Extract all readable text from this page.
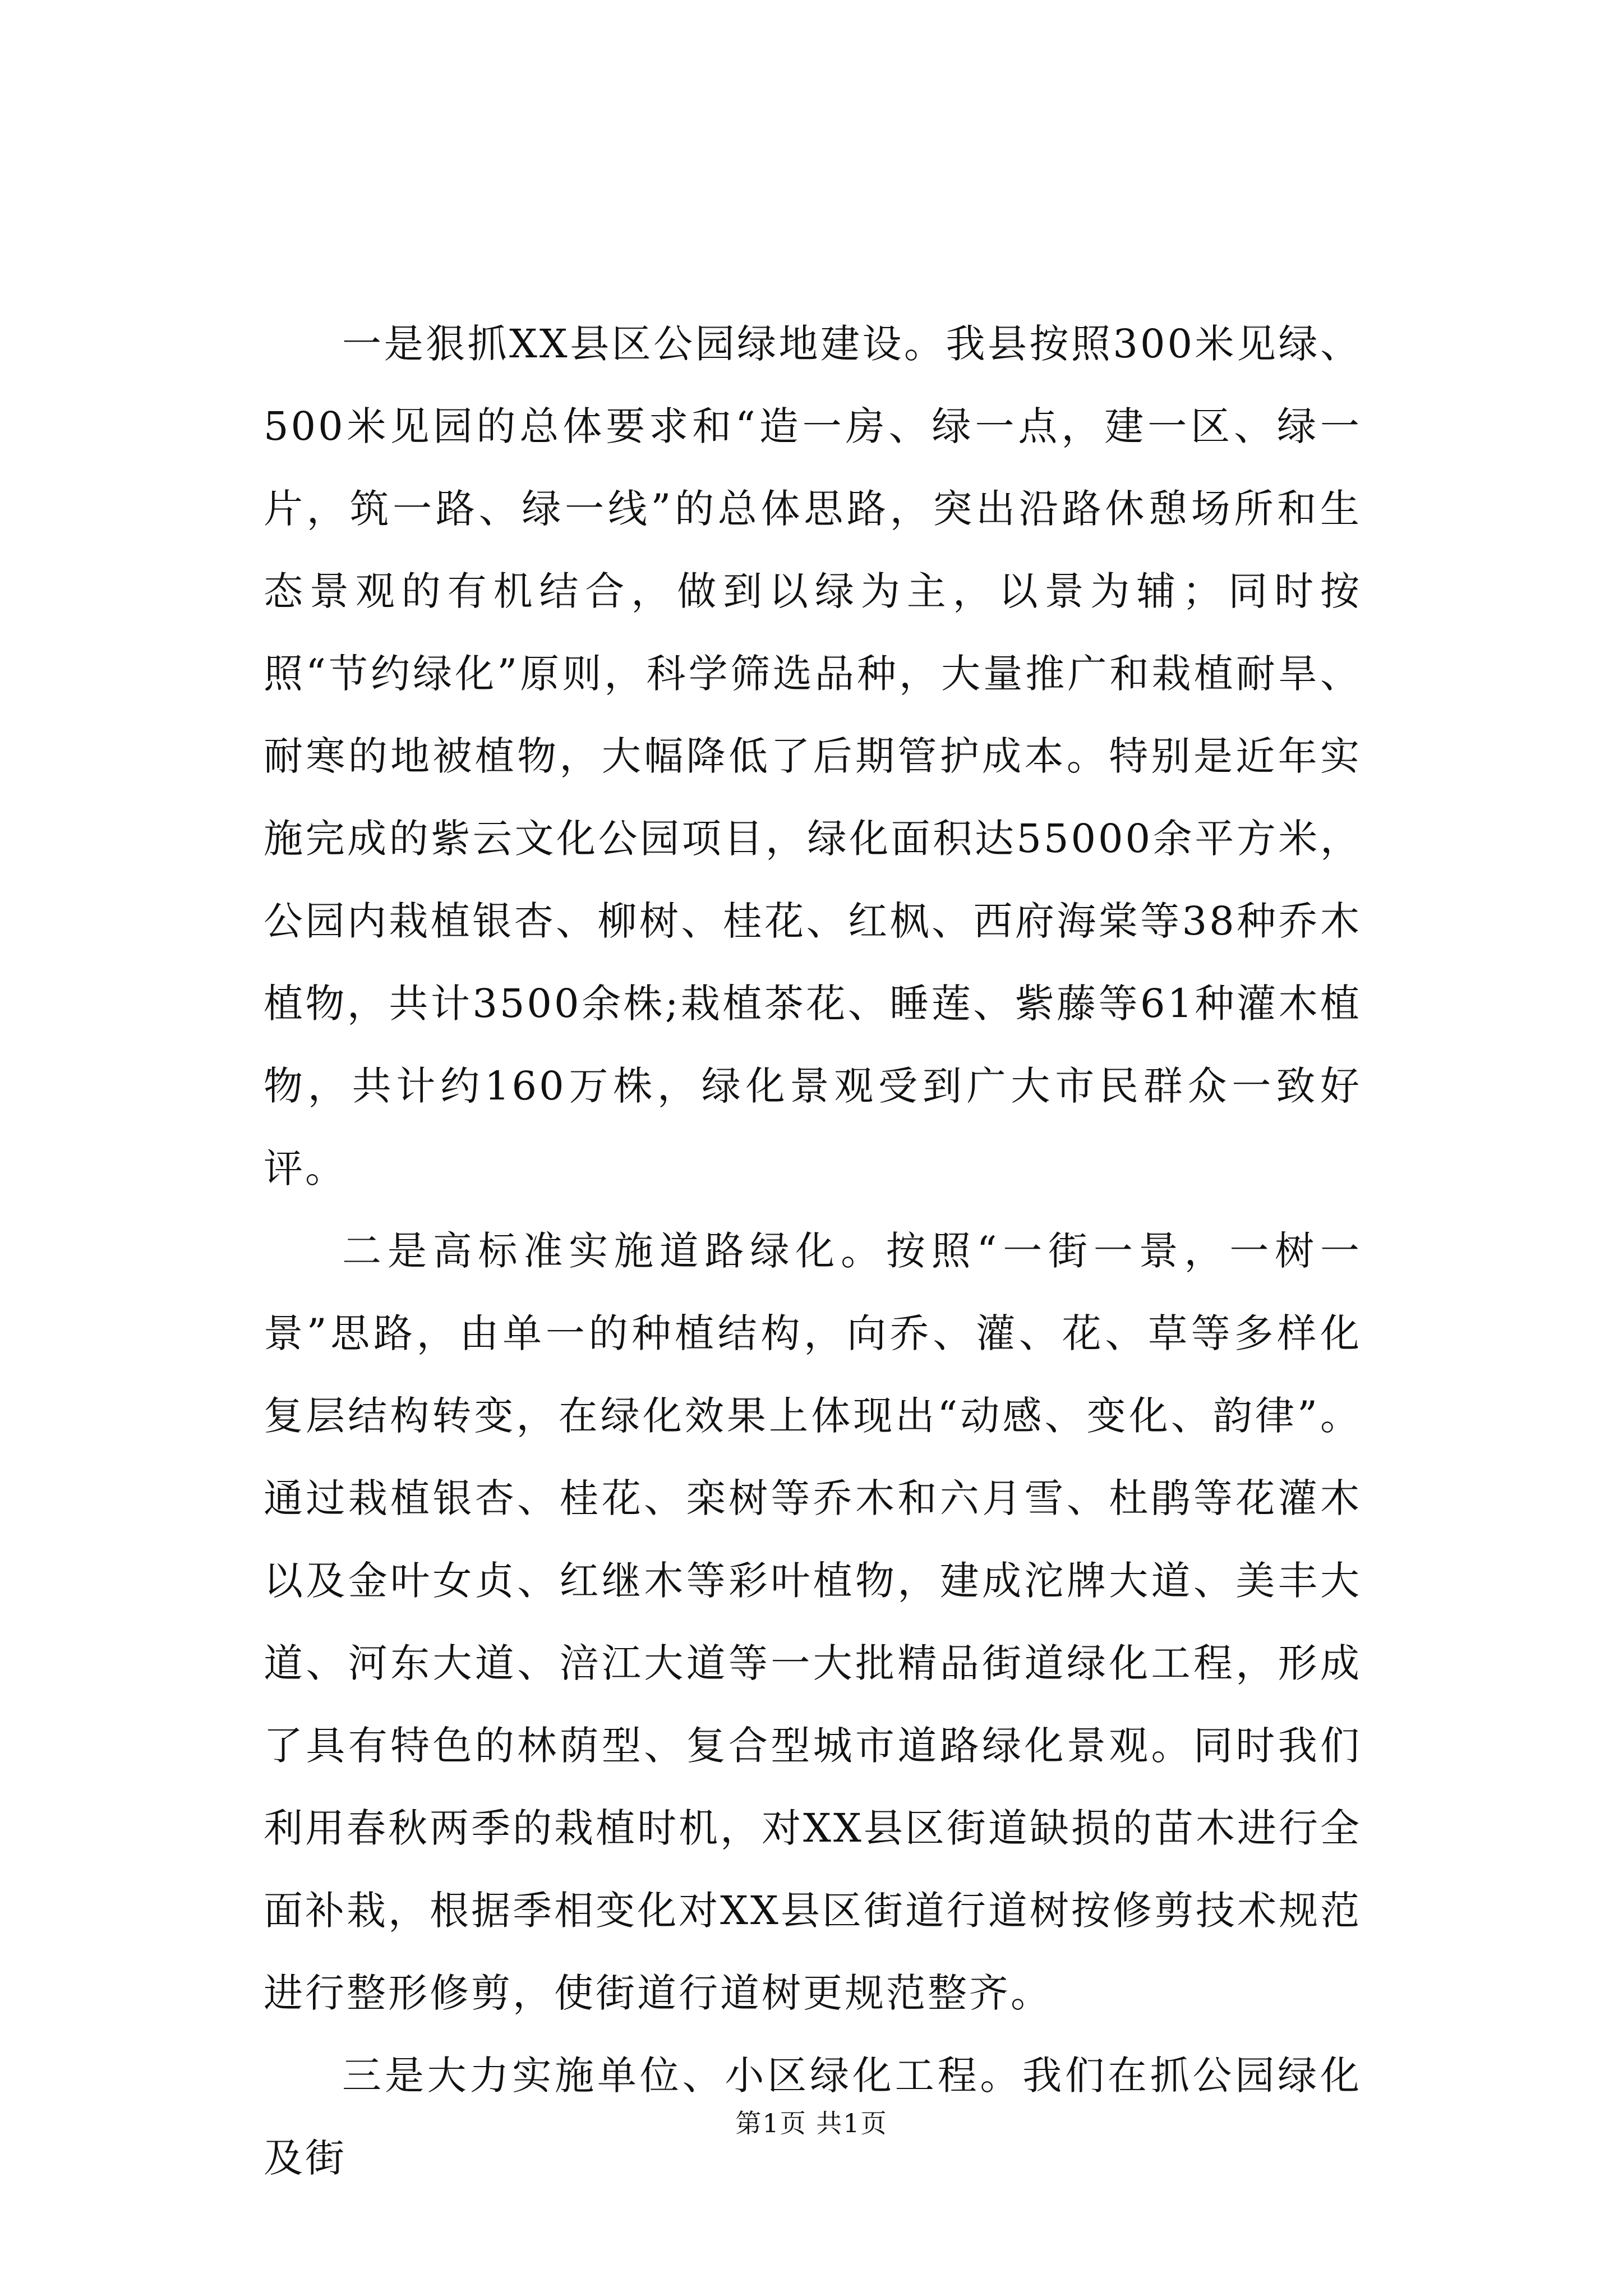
一是狠抓XX县区公园绿地建设。我县按照300米见绿、500米见园的总体要求和“造一房、绿一点，建一区、绿一片，筑一路、绿一线”的总体思路，突出沿路休憩场所和生态景观的有机结合，做到以绿为主，以景为辅；同时按照“节约绿化”原则，科学筛选品种，大量推广和栽植耐旱、耐寒的地被植物，大幅降低了后期管护成本。特别是近年实施完成的紫云文化公园项目，绿化面积达55000余平方米，公园内栽植银杏、柳树、桂花、红枫、西府海棠等38种乔木植物，共计3500余株;栽植茶花、睡莲、紫藤等61种灌木植物，共计约160万株，绿化景观受到广大市民群众一致好评。

二是高标准实施道路绿化。按照“一街一景，一树一景”思路，由单一的种植结构，向乔、灌、花、草等多样化复层结构转变，在绿化效果上体现出“动感、变化、韵律”。通过栽植银杏、桂花、栾树等乔木和六月雪、杜鹃等花灌木以及金叶女贞、红继木等彩叶植物，建成沱牌大道、美丰大道、河东大道、涪江大道等一大批精品街道绿化工程，形成了具有特色的林荫型、复合型城市道路绿化景观。同时我们利用春秋两季的栽植时机，对XX县区街道缺损的苗木进行全面补栽，根据季相变化对XX县区街道行道树按修剪技术规范进行整形修剪，使街道行道树更规范整齐。

三是大力实施单位、小区绿化工程。我们在抓公园绿化及街

第1页 共1页
